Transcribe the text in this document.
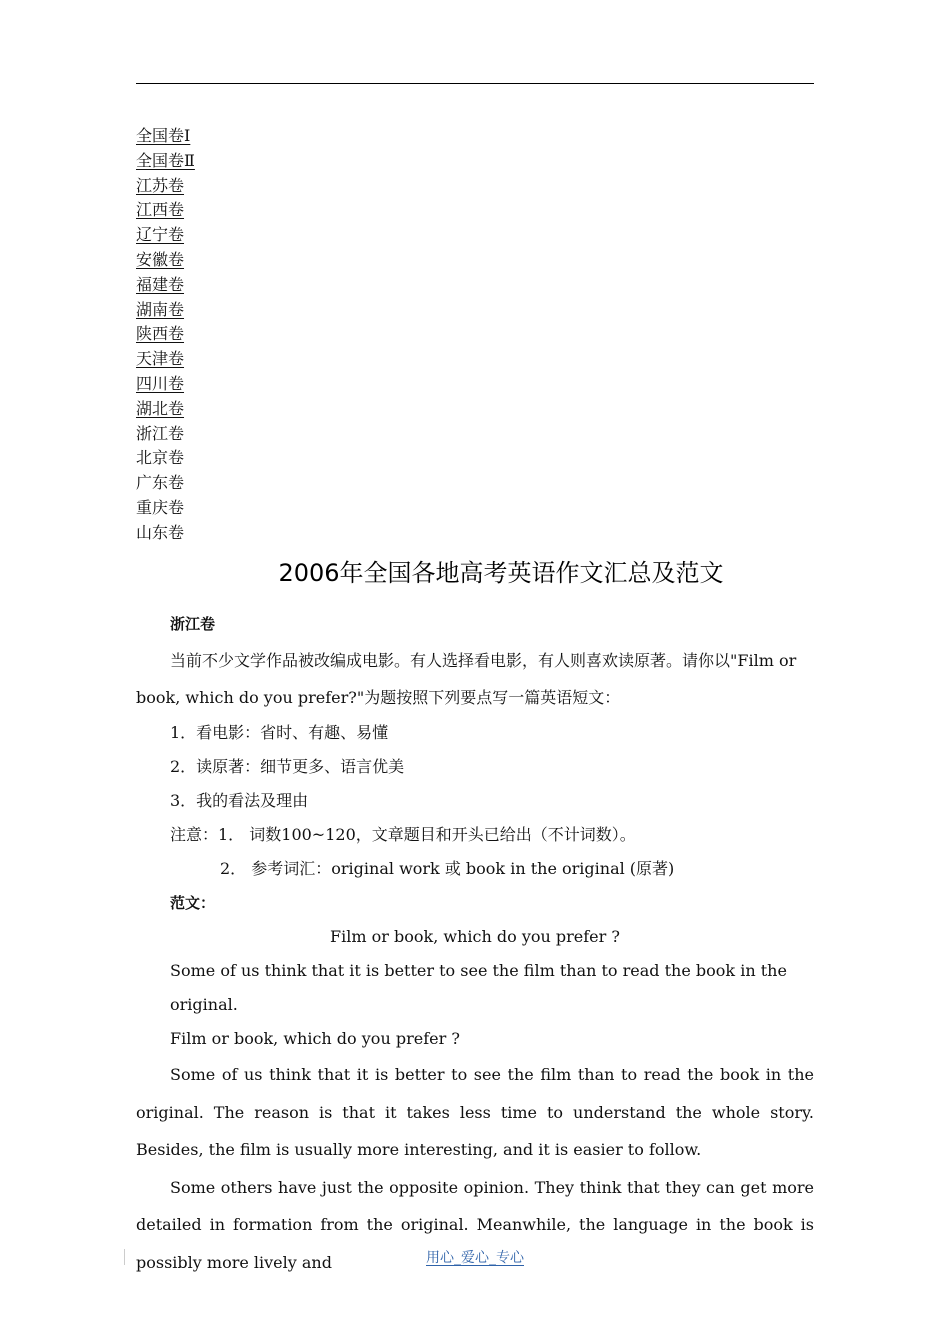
全国卷Ⅰ
全国卷Ⅱ
江苏卷
江西卷
辽宁卷
安徽卷
福建卷
湖南卷
陕西卷
天津卷
四川卷
湖北卷
浙江卷
北京卷
广东卷
重庆卷
山东卷
2006年全国各地高考英语作文汇总及范文
浙江卷

当前不少文学作品被改编成电影。有人选择看电影，有人则喜欢读原著。请你以"Film or book, which do you prefer?"为题按照下列要点写一篇英语短文：

1．看电影：省时、有趣、易懂

2．读原著：细节更多、语言优美

3．我的看法及理由

注意：1． 词数100~120，文章题目和开头已给出（不计词数）。

2． 参考词汇：original work 或 book in the original (原著)

范文：

Film or book, which do you prefer ?

Some of us think that it is better to see the film than to read the book in the original.

Film or book, which do you prefer ?

Some of us think that it is better to see the film than to read the book in the original. The reason is that it takes less time to understand the whole story. Besides, the film is usually more interesting, and it is easier to follow.

Some others have just the opposite opinion. They think that they can get more detailed in formation from the original. Meanwhile, the language in the book is possibly more lively and	用心_爱心_专心
